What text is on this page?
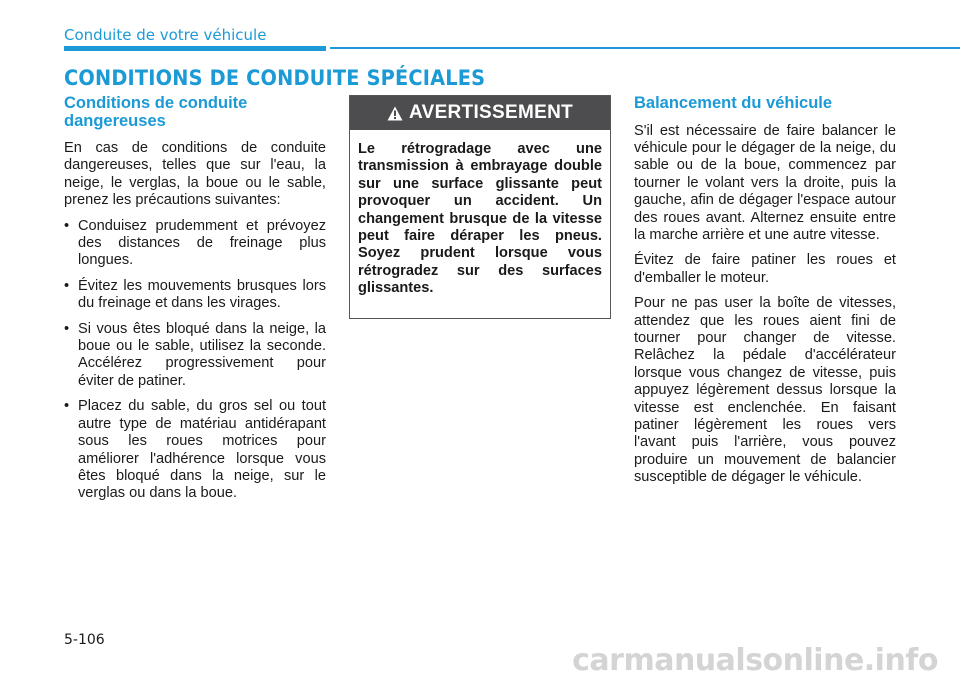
Conduite de votre véhicule
CONDITIONS DE CONDUITE SPÉCIALES
Conditions de conduite dangereuses

En cas de conditions de conduite dangereuses, telles que sur l'eau, la neige, le verglas, la boue ou le sable, prenez les précautions suivantes:

• Conduisez prudemment et prévoyez des distances de freinage plus longues.
• Évitez les mouvements brusques lors du freinage et dans les virages.
• Si vous êtes bloqué dans la neige, la boue ou le sable, utilisez la seconde. Accélérez progressivement pour éviter de patiner.
• Placez du sable, du gros sel ou tout autre type de matériau antidérapant sous les roues motrices pour améliorer l'adhérence lorsque vous êtes bloqué dans la neige, sur le verglas ou dans la boue.
AVERTISSEMENT
Le rétrogradage avec une transmission à embrayage double sur une surface glissante peut provoquer un accident. Un changement brusque de la vitesse peut faire déraper les pneus. Soyez prudent lorsque vous rétrogradez sur des surfaces glissantes.
Balancement du véhicule

S'il est nécessaire de faire balancer le véhicule pour le dégager de la neige, du sable ou de la boue, commencez par tourner le volant vers la droite, puis la gauche, afin de dégager l'espace autour des roues avant. Alternez ensuite entre la marche arrière et une autre vitesse.

Évitez de faire patiner les roues et d'emballer le moteur.

Pour ne pas user la boîte de vitesses, attendez que les roues aient fini de tourner pour changer de vitesse. Relâchez la pédale d'accélérateur lorsque vous changez de vitesse, puis appuyez légèrement dessus lorsque la vitesse est enclenchée. En faisant patiner légèrement les roues vers l'avant puis l'arrière, vous pouvez produire un mouvement de balancier susceptible de dégager le véhicule.

5-106
carmanualsonline.info
